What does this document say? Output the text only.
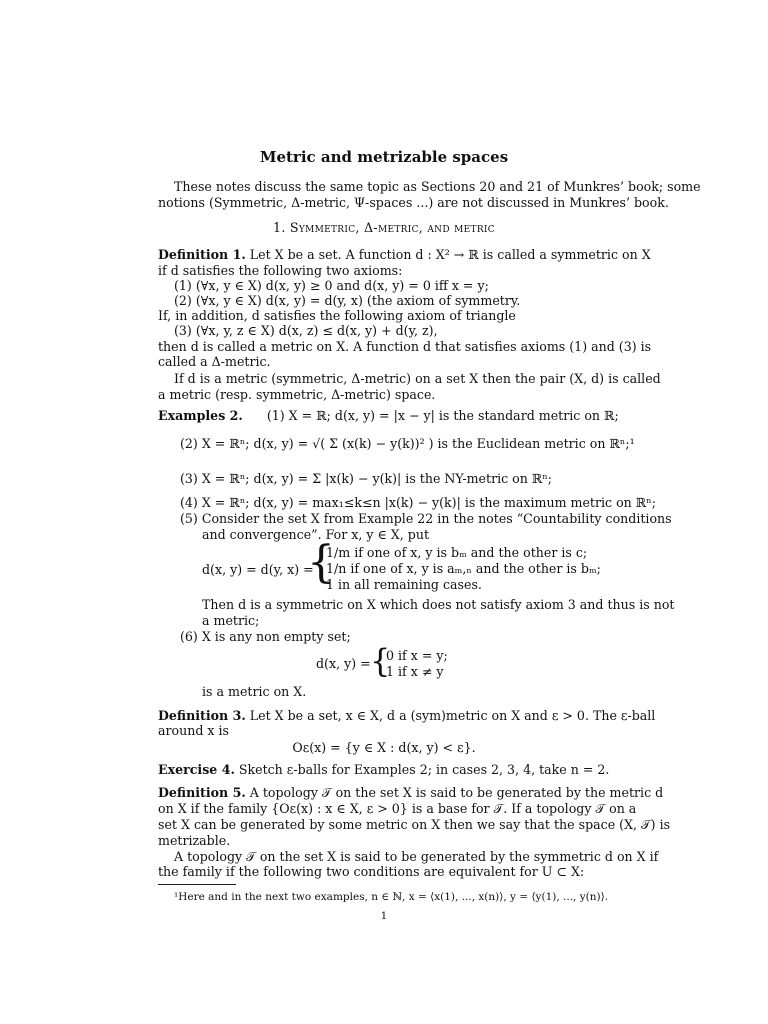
Metric and metrizable spaces
These notes discuss the same topic as Sections 20 and 21 of Munkres’ book; some
notions (Symmetric, Δ-metric, Ψ-spaces ...) are not discussed in Munkres’ book.
1. Symmetric, Δ-metric, and metric
Definition 1. Let X be a set. A function d : X² → ℝ is called a symmetric on X
if d satisfies the following two axioms:
(1) (∀x, y ∈ X) d(x, y) ≥ 0 and d(x, y) = 0 iff x = y;
(2) (∀x, y ∈ X) d(x, y) = d(y, x) (the axiom of symmetry.
If, in addition, d satisfies the following axiom of triangle
(3) (∀x, y, z ∈ X) d(x, z) ≤ d(x, y) + d(y, z),
then d is called a metric on X. A function d that satisfies axioms (1) and (3) is
called a Δ-metric.
If d is a metric (symmetric, Δ-metric) on a set X then the pair (X, d) is called
a metric (resp. symmetric, Δ-metric) space.
Examples 2. (1) X = ℝ; d(x, y) = |x − y| is the standard metric on ℝ;
(2) X = ℝⁿ; d(x, y) = √( Σ (x(k) − y(k))² ) is the Euclidean metric on ℝⁿ;¹
(3) X = ℝⁿ; d(x, y) = Σ |x(k) − y(k)| is the NY-metric on ℝⁿ;
(4) X = ℝⁿ; d(x, y) = max₁≤k≤n |x(k) − y(k)| is the maximum metric on ℝⁿ;
(5) Consider the set X from Example 22 in the notes “Countability conditions
and convergence”. For x, y ∈ X, put
d(x, y) = d(y, x) =
{
1/m if one of x, y is bₘ and the other is c;
1/n if one of x, y is aₘ,ₙ and the other is bₘ;
1 in all remaining cases.
Then d is a symmetric on X which does not satisfy axiom 3 and thus is not
a metric;
(6) X is any non empty set;
d(x, y) = {
0 if x = y;
1 if x ≠ y
is a metric on X.
Definition 3. Let X be a set, x ∈ X, d a (sym)metric on X and ε > 0. The ε-ball
around x is
Oε(x) = {y ∈ X : d(x, y) < ε}.
Exercise 4. Sketch ε-balls for Examples 2; in cases 2, 3, 4, take n = 2.
Definition 5. A topology 𝒯 on the set X is said to be generated by the metric d
on X if the family {Oε(x) : x ∈ X, ε > 0} is a base for 𝒯. If a topology 𝒯 on a
set X can be generated by some metric on X then we say that the space (X, 𝒯) is
metrizable.
A topology 𝒯 on the set X is said to be generated by the symmetric d on X if
the family if the following two conditions are equivalent for U ⊂ X:
¹Here and in the next two examples, n ∈ ℕ, x = ⟨x(1), ..., x(n)⟩, y = ⟨y(1), ..., y(n)⟩.
1
